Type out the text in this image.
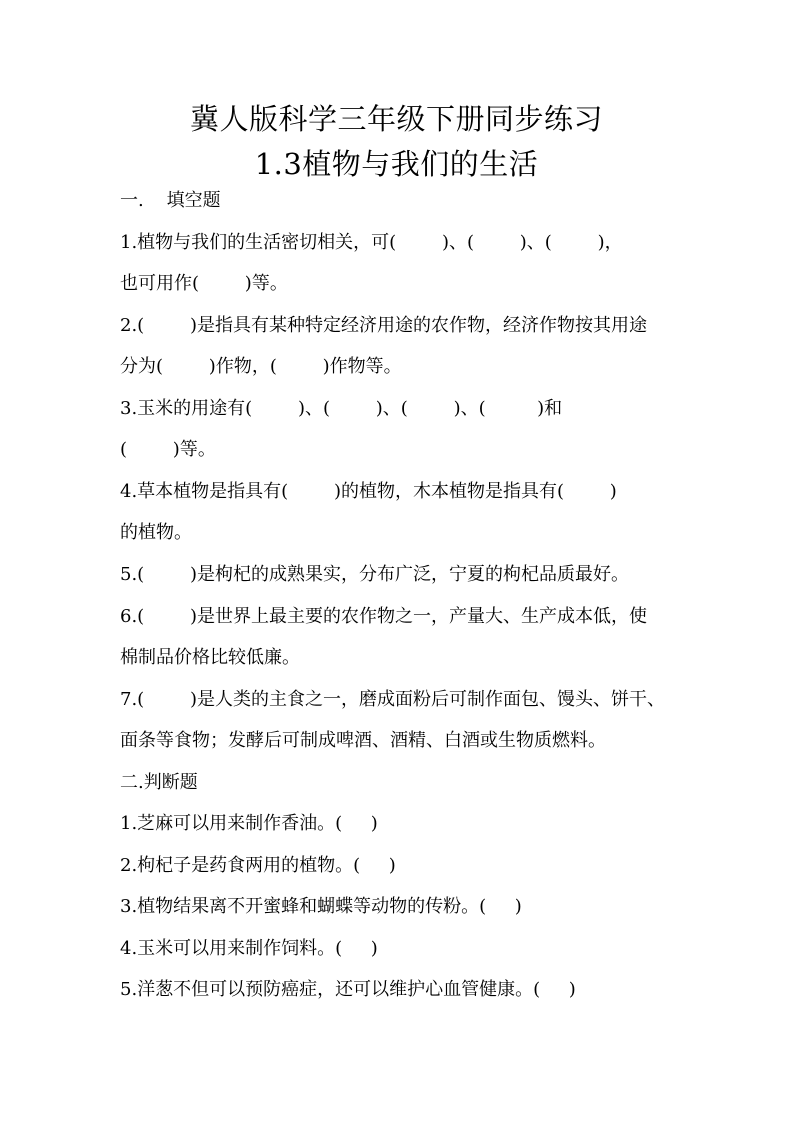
冀人版科学三年级下册同步练习
1.3植物与我们的生活
一.    填空题
1.植物与我们的生活密切相关，可(        )、(        )、(        )，
也可用作(        )等。
2.(        )是指具有某种特定经济用途的农作物，经济作物按其用途
分为(        )作物，(        )作物等。
3.玉米的用途有(        )、(        )、(        )、(         )和
(        )等。
4.草本植物是指具有(        )的植物，木本植物是指具有(        )
的植物。
5.(        )是枸杞的成熟果实，分布广泛，宁夏的枸杞品质最好。
6.(        )是世界上最主要的农作物之一，产量大、生产成本低，使
棉制品价格比较低廉。
7.(        )是人类的主食之一，磨成面粉后可制作面包、馒头、饼干、
面条等食物；发酵后可制成啤酒、酒精、白酒或生物质燃料。
二.判断题
1.芝麻可以用来制作香油。(     )
2.枸杞子是药食两用的植物。(     )
3.植物结果离不开蜜蜂和蝴蝶等动物的传粉。(     )
4.玉米可以用来制作饲料。(     )
5.洋葱不但可以预防癌症，还可以维护心血管健康。(     )
